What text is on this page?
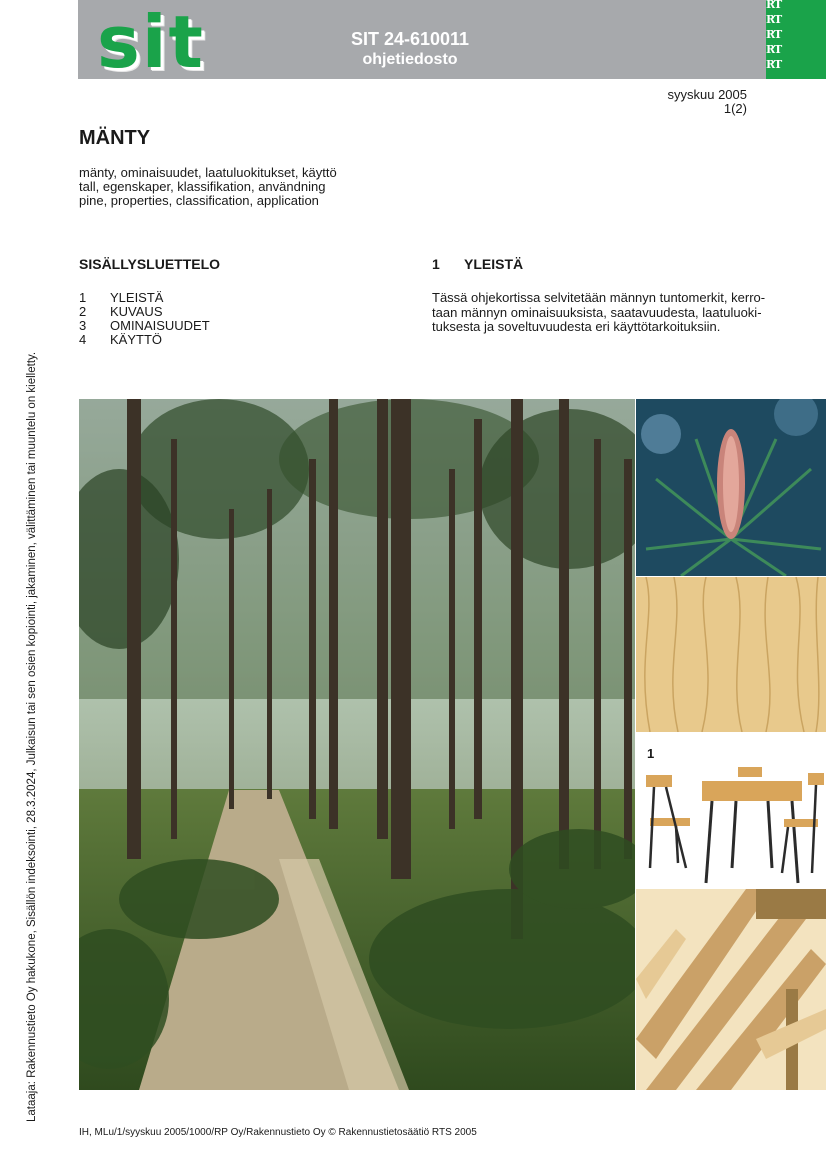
sit	SIT 24-610011
ohjetiedosto
RT
RT
RT
RT
RT
syyskuu 2005
1(2)
MÄNTY
mänty, ominaisuudet, laatuluokitukset, käyttö
tall, egenskaper, klassifikation, användning
pine, properties, classification, application
SISÄLLYSLUETTELO
1 YLEISTÄ
2 KUVAUS
3 OMINAISUUDET
4 KÄYTTÖ
1 YLEISTÄ

Tässä ohjekortissa selvitetään männyn tuntomerkit, kerro-
taan männyn ominaisuuksista, saatavuudesta, laatuluoki-
tuksesta ja soveltuvuudesta eri käyttötarkoituksiin.

Lataaja: Rakennustieto Oy hakukone, Sisällön indeksointi, 28.3.2024, Julkaisun tai sen osien kopiointi, jakaminen, välittäminen tai muuntelu on kielletty.	1
IH, MLu/1/syyskuu 2005/1000/RP Oy/Rakennustieto Oy © Rakennustietosäätiö RTS 2005
